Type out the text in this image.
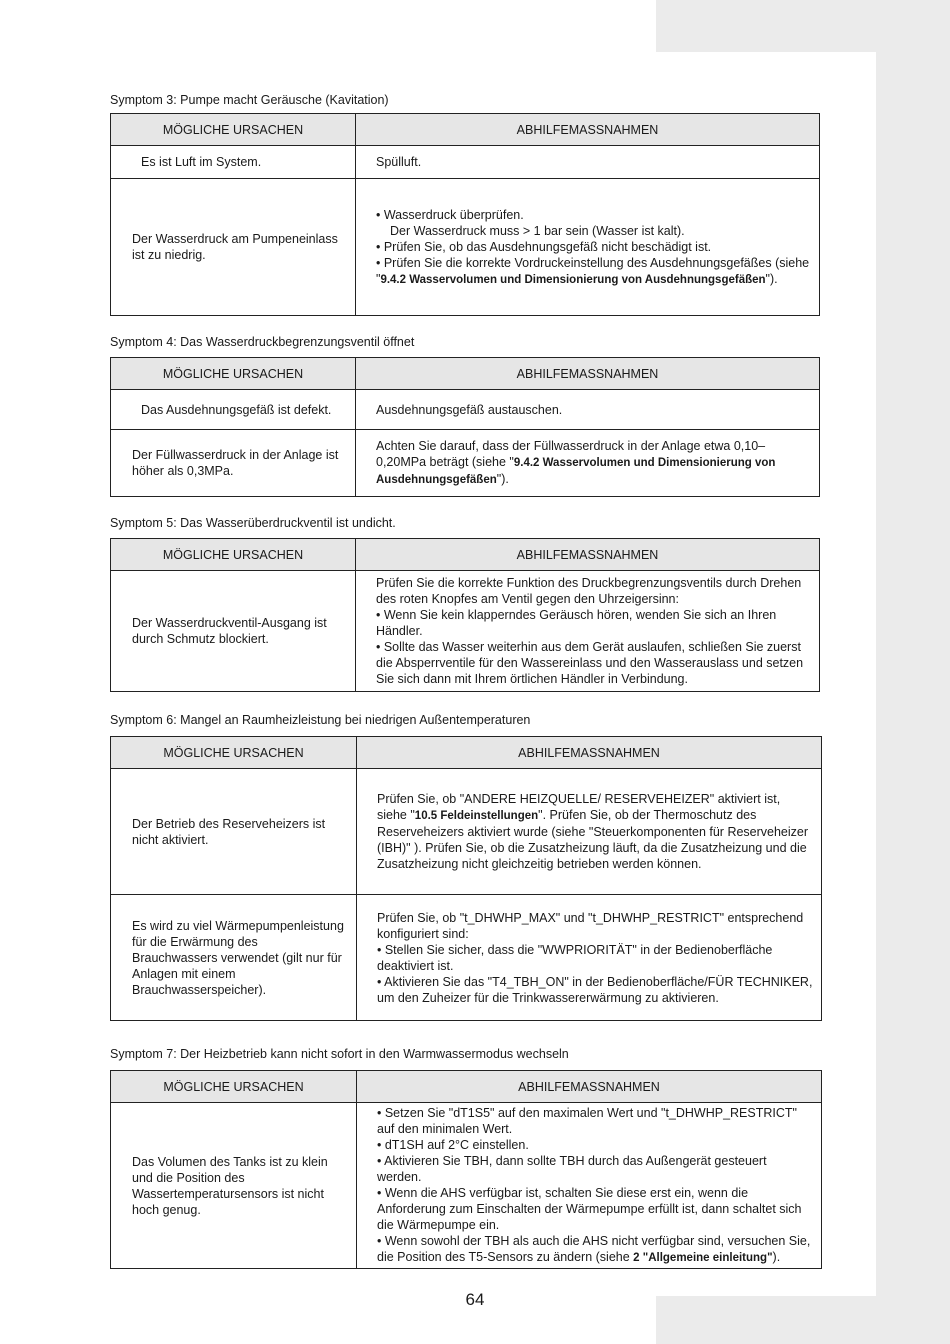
Symptom 3: Pumpe macht Geräusche (Kavitation)
MÖGLICHE URSACHEN	ABHILFEMASSNAHMEN
Es ist Luft im System.	Spülluft.
Der Wasserdruck am Pumpeneinlass ist zu niedrig.	• Wasserdruck überprüfen.

Der Wasserdruck muss > 1 bar sein (Wasser ist kalt).

• Prüfen Sie, ob das Ausdehnungsgefäß nicht beschädigt ist.

• Prüfen Sie die korrekte Vordruckeinstellung des Ausdehnungsgefäßes (siehe "9.4.2 Wasservolumen und Dimensionierung von Ausdehnungsgefäßen").

Symptom 4: Das Wasserdruckbegrenzungsventil öffnet
MÖGLICHE URSACHEN	ABHILFEMASSNAHMEN
Das Ausdehnungsgefäß ist defekt.	Ausdehnungsgefäß austauschen.
Der Füllwasserdruck in der Anlage ist höher als 0,3MPa.	Achten Sie darauf, dass der Füllwasserdruck in der Anlage etwa 0,10–0,20MPa beträgt (siehe "9.4.2 Wasservolumen und Dimensionierung von Ausdehnungsgefäßen").
Symptom 5: Das Wasserüberdruckventil ist undicht.
MÖGLICHE URSACHEN	ABHILFEMASSNAHMEN
Der Wasserdruckventil-Ausgang ist durch Schmutz blockiert.	Prüfen Sie die korrekte Funktion des Druckbegrenzungsventils durch Drehen des roten Knopfes am Ventil gegen den Uhrzeigersinn:

• Wenn Sie kein klapperndes Geräusch hören, wenden Sie sich an Ihren Händler.

• Sollte das Wasser weiterhin aus dem Gerät auslaufen, schließen Sie zuerst die Absperrventile für den Wassereinlass und den Wasserauslass und setzen Sie sich dann mit Ihrem örtlichen Händler in Verbindung.

Symptom 6: Mangel an Raumheizleistung bei niedrigen Außentemperaturen
MÖGLICHE URSACHEN	ABHILFEMASSNAHMEN
Der Betrieb des Reserveheizers ist nicht aktiviert.	Prüfen Sie, ob "ANDERE HEIZQUELLE/ RESERVEHEIZER" aktiviert ist, siehe "10.5 Feldeinstellungen". Prüfen Sie, ob der Thermoschutz des Reserveheizers aktiviert wurde (siehe "Steuerkomponenten für Reserveheizer (IBH)" ). Prüfen Sie, ob die Zusatzheizung läuft, da die Zusatzheizung und die Zusatzheizung nicht gleichzeitig betrieben werden können.
Es wird zu viel Wärmepumpenleistung für die Erwärmung des Brauchwassers verwendet (gilt nur für Anlagen mit einem Brauchwasserspeicher).	Prüfen Sie, ob "t_DHWHP_MAX" und "t_DHWHP_RESTRICT" entsprechend konfiguriert sind:

• Stellen Sie sicher, dass die "WWPRIORITÄT" in der Bedienoberfläche deaktiviert ist.

• Aktivieren Sie das "T4_TBH_ON" in der Bedienoberfläche/FÜR TECHNIKER, um den Zuheizer für die Trinkwassererwärmung zu aktivieren.

Symptom 7: Der Heizbetrieb kann nicht sofort in den Warmwassermodus wechseln
MÖGLICHE URSACHEN	ABHILFEMASSNAHMEN
Das Volumen des Tanks ist zu klein und die Position des Wassertemperatursensors ist nicht hoch genug.	• Setzen Sie "dT1S5" auf den maximalen Wert und "t_DHWHP_RESTRICT" auf den minimalen Wert.

• dT1SH auf 2°C einstellen.

• Aktivieren Sie TBH, dann sollte TBH durch das Außengerät gesteuert werden.

• Wenn die AHS verfügbar ist, schalten Sie diese erst ein, wenn die Anforderung zum Einschalten der Wärmepumpe erfüllt ist, dann schaltet sich die Wärmepumpe ein.

• Wenn sowohl der TBH als auch die AHS nicht verfügbar sind, versuchen Sie, die Position des T5-Sensors zu ändern (siehe 2 "Allgemeine einleitung").

64
